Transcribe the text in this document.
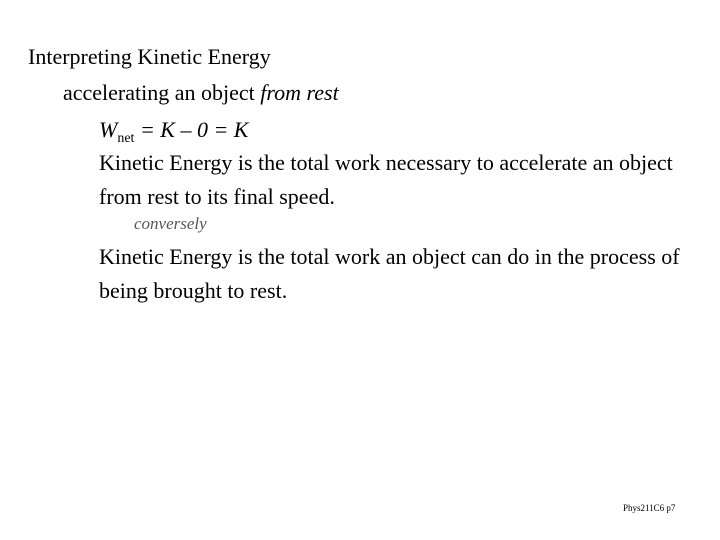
Interpreting Kinetic Energy
accelerating an object from rest
$W_{net} = K - 0 = K$
Kinetic Energy is the total work necessary to accelerate an object from rest to its final speed.
conversely
Kinetic Energy is the total work an object can do in the process of being brought to rest.
Phys211C6 p7
